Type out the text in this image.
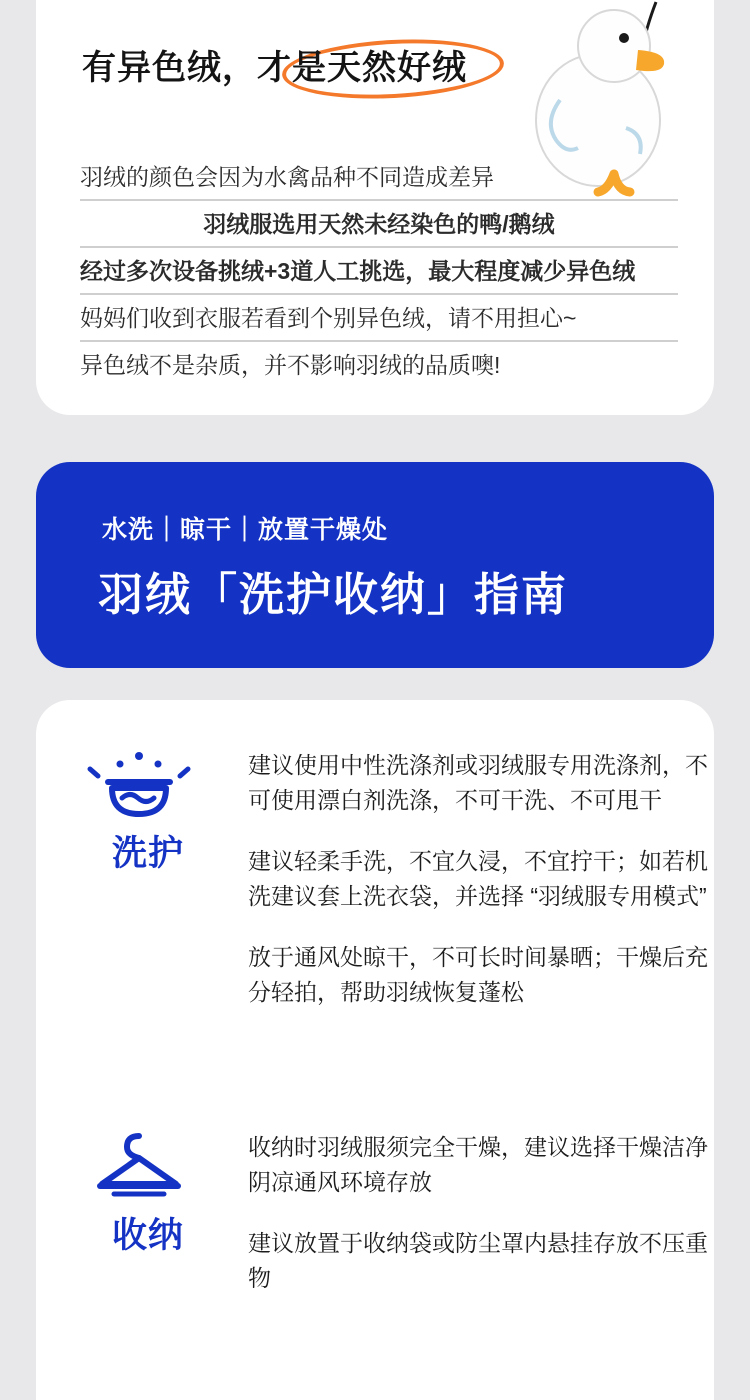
有异色绒，才是天然好绒
羽绒的颜色会因为水禽品种不同造成差异
羽绒服选用天然未经染色的鸭/鹅绒
经过多次设备挑绒+3道人工挑选，最大程度减少异色绒
妈妈们收到衣服若看到个别异色绒，请不用担心~
异色绒不是杂质，并不影响羽绒的品质噢!
水洗｜晾干｜放置干燥处
羽绒「洗护收纳」指南
洗护
建议使用中性洗涤剂或羽绒服专用洗涤剂，不可使用漂白剂洗涤，不可干洗、不可甩干
建议轻柔手洗，不宜久浸，不宜拧干；如若机洗建议套上洗衣袋，并选择 “羽绒服专用模式”
放于通风处晾干，不可长时间暴晒；干燥后充分轻拍，帮助羽绒恢复蓬松
收纳
收纳时羽绒服须完全干燥，建议选择干燥洁净阴凉通风环境存放
建议放置于收纳袋或防尘罩内悬挂存放不压重物
